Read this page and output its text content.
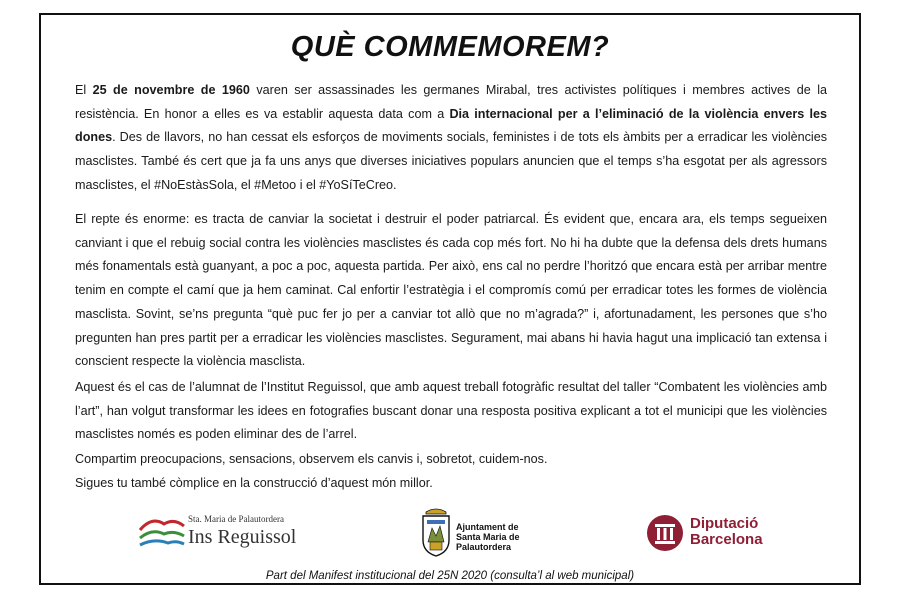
QUÈ COMMEMOREM?

El 25 de novembre de 1960 varen ser assassinades les germanes Mirabal, tres activistes polítiques i membres actives de la resistència. En honor a elles es va establir aquesta data com a Dia internacional per a l’eliminació de la violència envers les dones. Des de llavors, no han cessat els esforços de moviments socials, feministes i de tots els àmbits per a erradicar les violències masclistes. També és cert que ja fa uns anys que diverses iniciatives populars anuncien que el temps s’ha esgotat per als agressors masclistes, el #NoEstàsSola, el #Metoo i el #YoSíTeCreo.

El repte és enorme: es tracta de canviar la societat i destruir el poder patriarcal. És evident que, encara ara, els temps segueixen canviant i que el rebuig social contra les violències masclistes és cada cop més fort. No hi ha dubte que la defensa dels drets humans més fonamentals està guanyant, a poc a poc, aquesta partida. Per això, ens cal no perdre l’horitzó que encara està per arribar mentre tenim en compte el camí que ja hem caminat. Cal enfortir l’estratègia i el compromís comú per erradicar totes les formes de violència masclista. Sovint, se’ns pregunta “què puc fer jo per a canviar tot allò que no m’agrada?” i, afortunadament, les persones que s’ho pregunten han pres partit per a erradicar les violències masclistes. Segurament, mai abans hi havia hagut una implicació tan extensa i conscient respecte la violència masclista.

Aquest és el cas de l’alumnat de l’Institut Reguissol, que amb aquest treball fotogràfic resultat del taller “Combatent les violències amb l’art”, han volgut transformar les idees en fotografies buscant donar una resposta positiva explicant a tot el municipi que les violències masclistes només es poden eliminar des de l’arrel.

Compartim preocupacions, sensacions, observem els canvis i, sobretot, cuidem-nos.
Sigues tu també còmplice en la construcció d’aquest món millor.

Sta. Maria de Palautordera
Ins Reguissol	Ajuntament de
Santa Maria de
Palautordera
Diputació
Barcelona
Part del Manifest institucional del 25N 2020 (consulta’l al web municipal)
